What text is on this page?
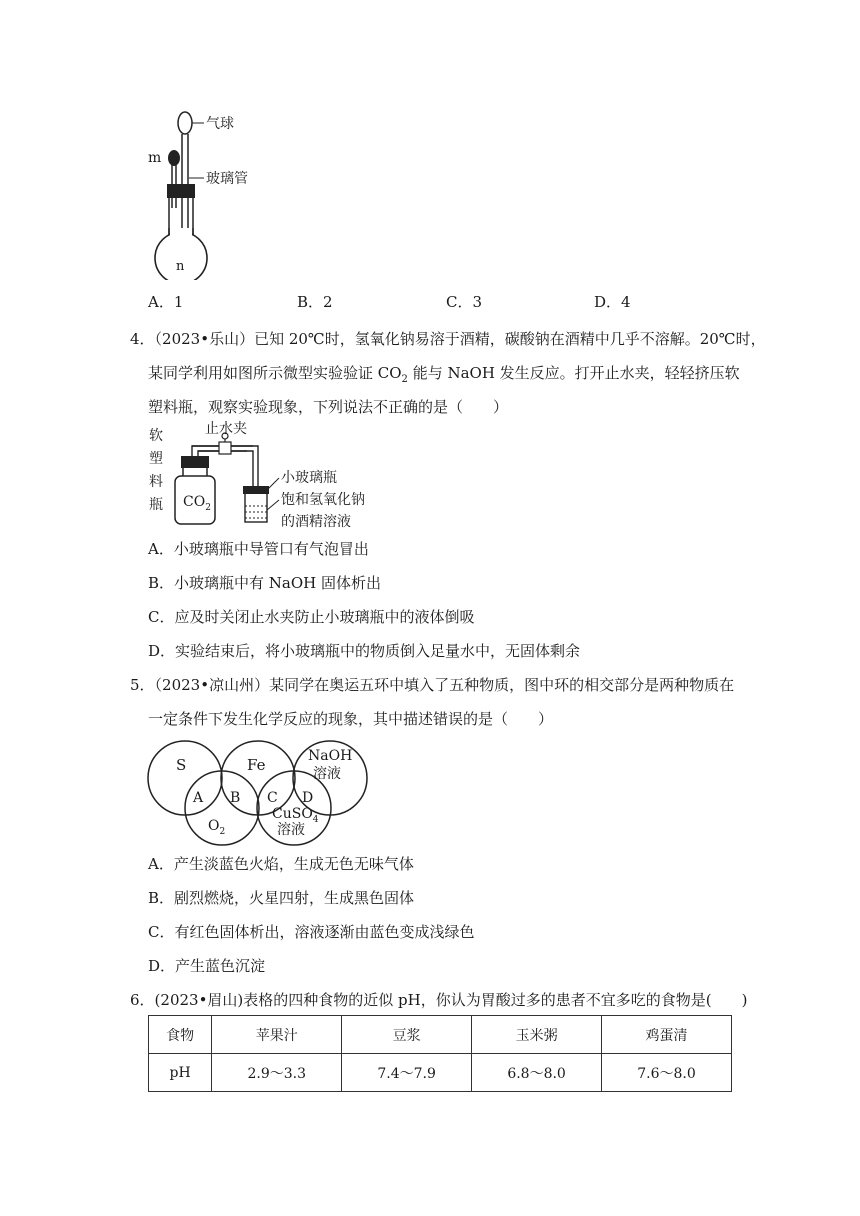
气球
玻璃管
m
n
A．1	B．2	C．3	D．4
4．（2023•乐山）已知 20℃时，氢氧化钠易溶于酒精，碳酸钠在酒精中几乎不溶解。20℃时，
某同学利用如图所示微型实验验证 $CO_2$ 能与 NaOH 发生反应。打开止水夹，轻轻挤压软
塑料瓶，观察实验现象，下列说法不正确的是（　　）
软
塑
料
瓶 $CO_2$
止水夹
小玻璃瓶
饱和氢氧化钠
的酒精溶液
A．小玻璃瓶中导管口有气泡冒出
B．小玻璃瓶中有 NaOH 固体析出
C．应及时关闭止水夹防止小玻璃瓶中的液体倒吸
D．实验结束后，将小玻璃瓶中的物质倒入足量水中，无固体剩余
5．（2023•凉山州）某同学在奥运五环中填入了五种物质，图中环的相交部分是两种物质在
一定条件下发生化学反应的现象，其中描述错误的是（　　）
S	Fe	NaOH
溶液
$O_2$
CuSO$_4$
溶液
A B C D
A．产生淡蓝色火焰，生成无色无味气体
B．剧烈燃烧，火星四射，生成黑色固体
C．有红色固体析出，溶液逐渐由蓝色变成浅绿色
D．产生蓝色沉淀
6．(2023•眉山)表格的四种食物的近似 pH，你认为胃酸过多的患者不宜多吃的食物是(　　)
食物	苹果汁	豆浆	玉米粥	鸡蛋清
pH	2.9～3.3	7.4～7.9	6.8～8.0	7.6～8.0
